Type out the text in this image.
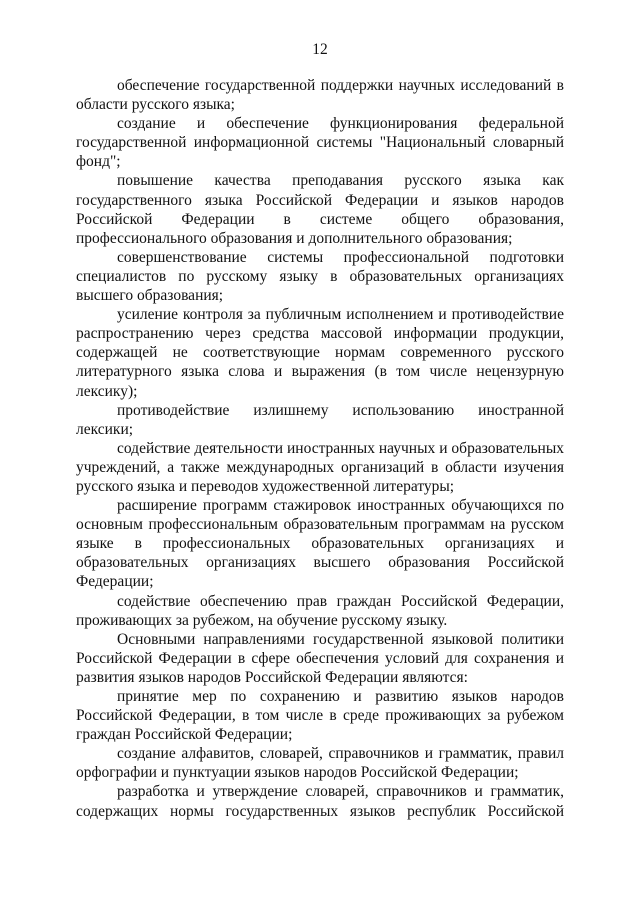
12

обеспечение государственной поддержки научных исследований в области русского языка;

создание и обеспечение функционирования федеральной государственной информационной системы "Национальный словарный фонд";

повышение качества преподавания русского языка как государственного языка Российской Федерации и языков народов Российской Федерации в системе общего образования, профессионального образования и дополнительного образования;

совершенствование системы профессиональной подготовки специалистов по русскому языку в образовательных организациях высшего образования;

усиление контроля за публичным исполнением и противодействие распространению через средства массовой информации продукции, содержащей не соответствующие нормам современного русского литературного языка слова и выражения (в том числе нецензурную лексику);

противодействие излишнему использованию иностранной лексики;

содействие деятельности иностранных научных и образовательных учреждений, а также международных организаций в области изучения русского языка и переводов художественной литературы;

расширение программ стажировок иностранных обучающихся по основным профессиональным образовательным программам на русском языке в профессиональных образовательных организациях и образовательных организациях высшего образования Российской Федерации;

содействие обеспечению прав граждан Российской Федерации, проживающих за рубежом, на обучение русскому языку.

Основными направлениями государственной языковой политики Российской Федерации в сфере обеспечения условий для сохранения и развития языков народов Российской Федерации являются:

принятие мер по сохранению и развитию языков народов Российской Федерации, в том числе в среде проживающих за рубежом граждан Российской Федерации;

создание алфавитов, словарей, справочников и грамматик, правил орфографии и пунктуации языков народов Российской Федерации;

разработка и утверждение словарей, справочников и грамматик, содержащих нормы государственных языков республик Российской
